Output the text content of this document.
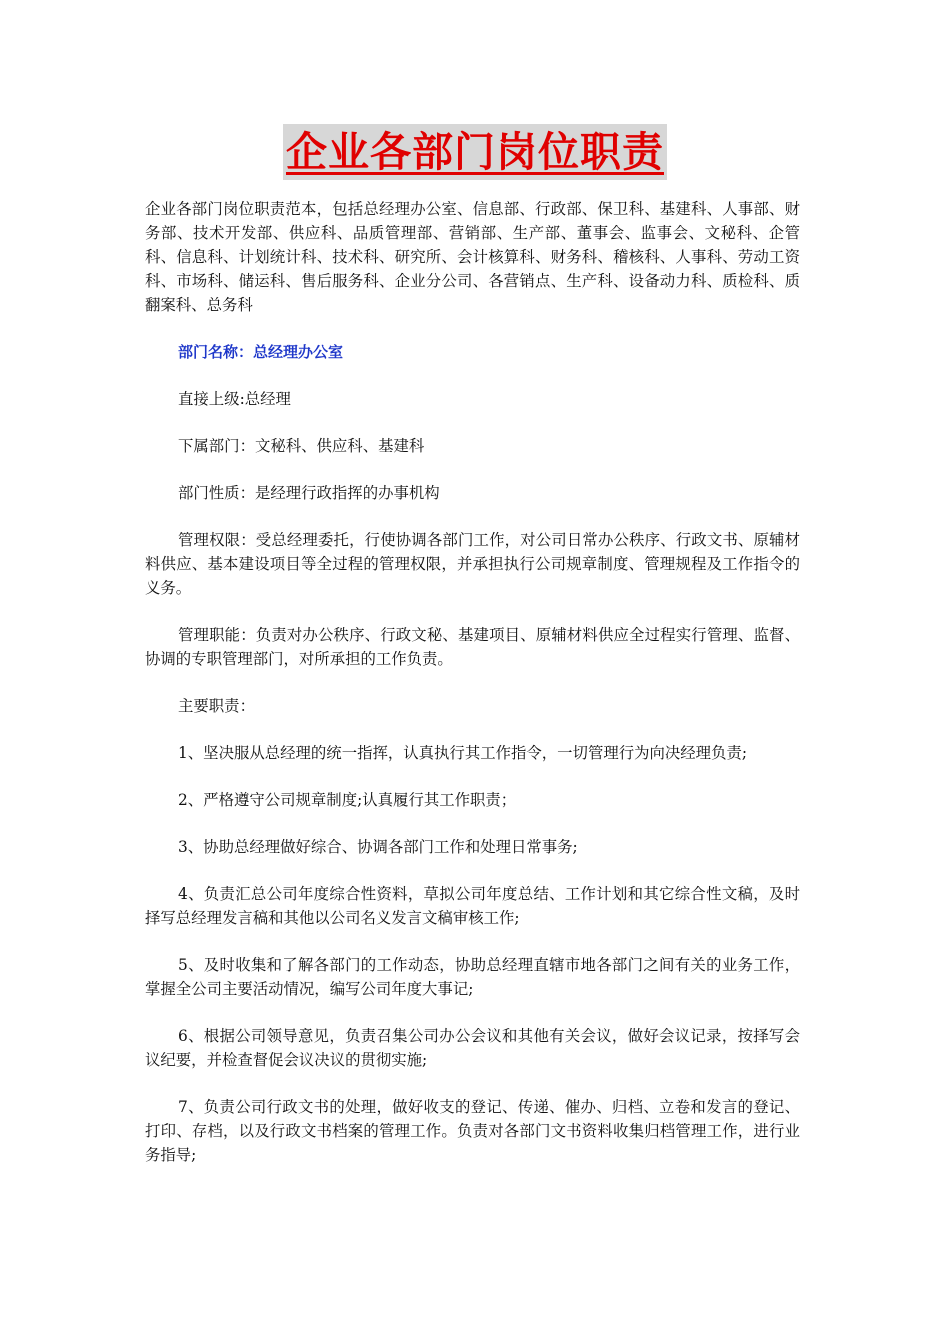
企业各部门岗位职责

企业各部门岗位职责范本，包括总经理办公室、信息部、行政部、保卫科、基建科、人事部、财务部、技术开发部、供应科、品质管理部、营销部、生产部、董事会、监事会、文秘科、企管科、信息科、计划统计科、技术科、研究所、会计核算科、财务科、稽核科、人事科、劳动工资科、市场科、储运科、售后服务科、企业分公司、各营销点、生产科、设备动力科、质检科、质翻案科、总务科

部门名称：总经理办公室

直接上级:总经理

下属部门：文秘科、供应科、基建科

部门性质：是经理行政指挥的办事机构

管理权限：受总经理委托，行使协调各部门工作，对公司日常办公秩序、行政文书、原辅材料供应、基本建设项目等全过程的管理权限，并承担执行公司规章制度、管理规程及工作指令的义务。

管理职能：负责对办公秩序、行政文秘、基建项目、原辅材料供应全过程实行管理、监督、协调的专职管理部门，对所承担的工作负责。

主要职责：

1、坚决服从总经理的统一指挥，认真执行其工作指令，一切管理行为向决经理负责;
2、严格遵守公司规章制度;认真履行其工作职责；
3、协助总经理做好综合、协调各部门工作和处理日常事务;
4、负责汇总公司年度综合性资料，草拟公司年度总结、工作计划和其它综合性文稿，及时择写总经理发言稿和其他以公司名义发言文稿审核工作;
5、及时收集和了解各部门的工作动态，协助总经理直辖市地各部门之间有关的业务工作，掌握全公司主要活动情况，编写公司年度大事记;
6、根据公司领导意见，负责召集公司办公会议和其他有关会议，做好会议记录，按择写会议纪要，并检查督促会议决议的贯彻实施;
7、负责公司行政文书的处理，做好收支的登记、传递、催办、归档、立卷和发言的登记、打印、存档，以及行政文书档案的管理工作。负责对各部门文书资料收集归档管理工作，进行业务指导;
